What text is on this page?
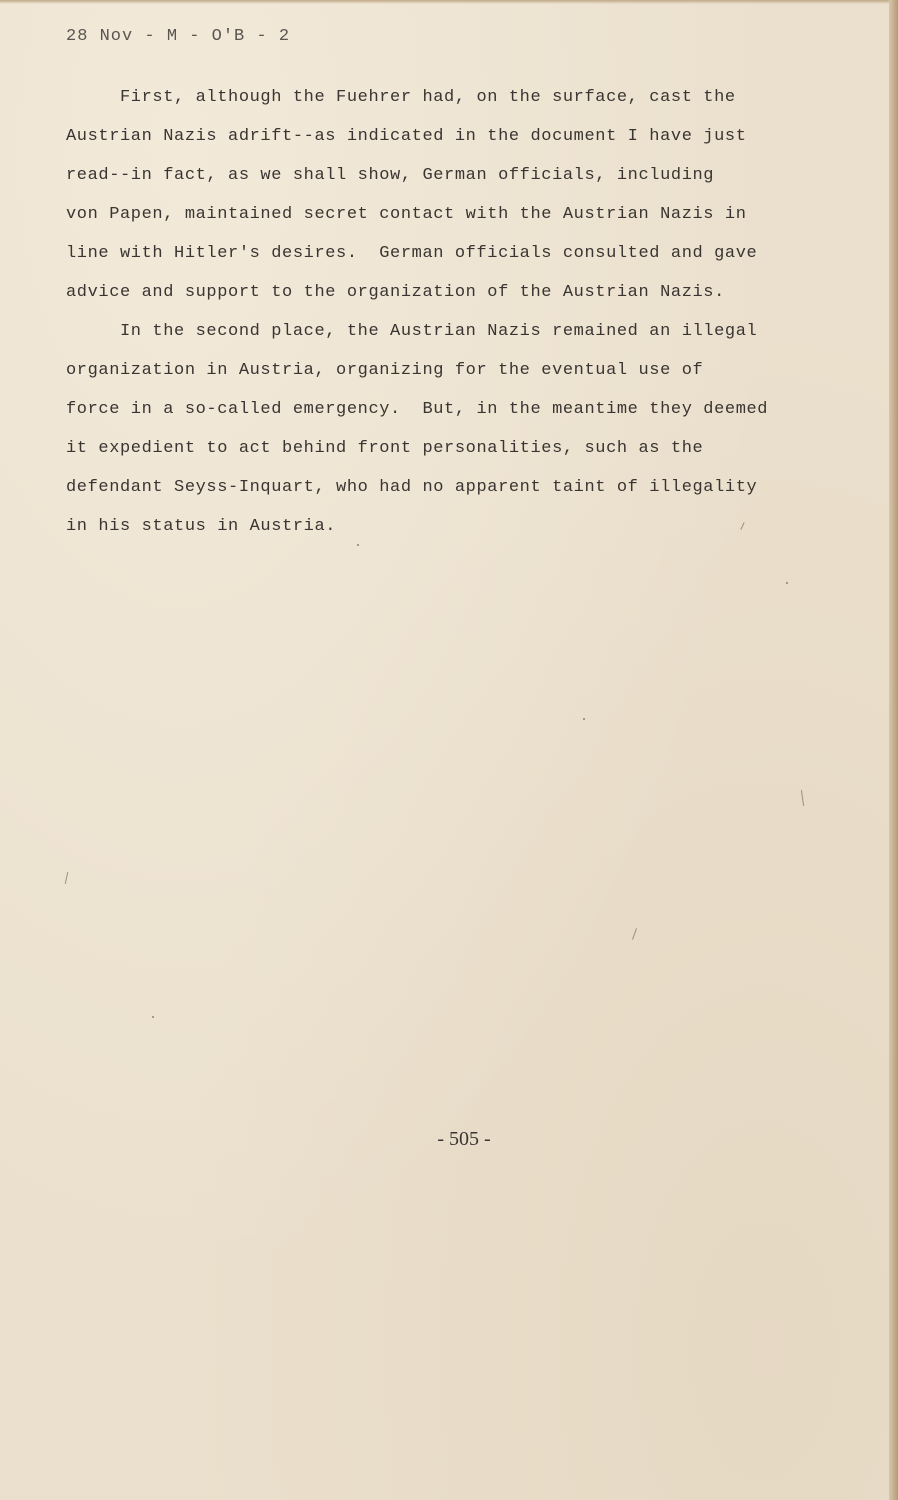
28 Nov - M - O'B - 2
First, although the Fuehrer had, on the surface, cast the
Austrian Nazis adrift--as indicated in the document I have just
read--in fact, as we shall show, German officials, including
von Papen, maintained secret contact with the Austrian Nazis in
line with Hitler's desires.  German officials consulted and gave
advice and support to the organization of the Austrian Nazis.
In the second place, the Austrian Nazis remained an illegal
organization in Austria, organizing for the eventual use of
force in a so-called emergency.  But, in the meantime they deemed
it expedient to act behind front personalities, such as the
defendant Seyss-Inquart, who had no apparent taint of illegality
in his status in Austria.
- 505 -
